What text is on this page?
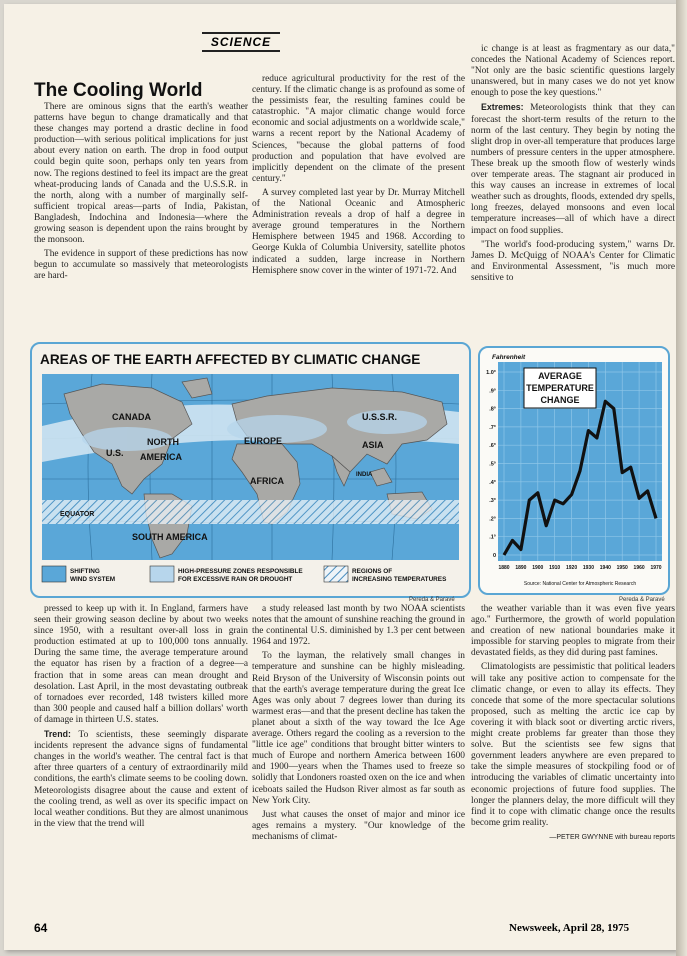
SCIENCE
The Cooling World

There are ominous signs that the earth's weather patterns have begun to change dramatically and that these changes may portend a drastic decline in food production—with serious political implications for just about every nation on earth. The drop in food output could begin quite soon, perhaps only ten years from now. The regions destined to feel its impact are the great wheat-producing lands of Canada and the U.S.S.R. in the north, along with a number of marginally self-sufficient tropical areas—parts of India, Pakistan, Bangladesh, Indochina and Indonesia—where the growing season is dependent upon the rains brought by the monsoon.

The evidence in support of these predictions has now begun to accumulate so massively that meteorologists are hard-

reduce agricultural productivity for the rest of the century. If the climatic change is as profound as some of the pessimists fear, the resulting famines could be catastrophic. "A major climatic change would force economic and social adjustments on a worldwide scale," warns a recent report by the National Academy of Sciences, "because the global patterns of food production and population that have evolved are implicitly dependent on the climate of the present century."

A survey completed last year by Dr. Murray Mitchell of the National Oceanic and Atmospheric Administration reveals a drop of half a degree in average ground temperatures in the Northern Hemisphere between 1945 and 1968. According to George Kukla of Columbia University, satellite photos indicated a sudden, large increase in Northern Hemisphere snow cover in the winter of 1971-72. And

ic change is at least as fragmentary as our data," concedes the National Academy of Sciences report. "Not only are the basic scientific questions largely unanswered, but in many cases we do not yet know enough to pose the key questions."

Extremes: Meteorologists think that they can forecast the short-term results of the return to the norm of the last century. They begin by noting the slight drop in over-all temperature that produces large numbers of pressure centers in the upper atmosphere. These break up the smooth flow of westerly winds over temperate areas. The stagnant air produced in this way causes an increase in extremes of local weather such as droughts, floods, extended dry spells, long freezes, delayed monsoons and even local temperature increases—all of which have a direct impact on food supplies.

"The world's food-producing system," warns Dr. James D. McQuigg of NOAA's Center for Climatic and Environmental Assessment, "is much more sensitive to

AREAS OF THE EARTH AFFECTED BY CLIMATIC CHANGE
CANADA
NORTH
U.S. AMERICA
EUROPE
U.S.S.R.
ASIA
AFRICA
INDIA
EQUATOR
SOUTH AMERICA
SHIFTING
WIND SYSTEM
HIGH-PRESSURE ZONES RESPONSIBLE
FOR EXCESSIVE RAIN OR DROUGHT
REGIONS OF
INCREASING TEMPERATURES
Pereda & Paravé
Fahrenheit
0
.1°
.2°
.3°
.4°
.5°
.6°
.7°
.8°
.9°
1.0°
1880 1890 1900 1910 1920 1930 1940 1950 1960 1970
AVERAGE
TEMPERATURE
CHANGE
Source: National Center for Atmospheric Research
Pereda & Paravé

pressed to keep up with it. In England, farmers have seen their growing season decline by about two weeks since 1950, with a resultant over-all loss in grain production estimated at up to 100,000 tons annually. During the same time, the average temperature around the equator has risen by a fraction of a degree—a fraction that in some areas can mean drought and desolation. Last April, in the most devastating outbreak of tornadoes ever recorded, 148 twisters killed more than 300 people and caused half a billion dollars' worth of damage in thirteen U.S. states.

Trend: To scientists, these seemingly disparate incidents represent the advance signs of fundamental changes in the world's weather. The central fact is that after three quarters of a century of extraordinarily mild conditions, the earth's climate seems to be cooling down. Meteorologists disagree about the cause and extent of the cooling trend, as well as over its specific impact on local weather conditions. But they are almost unanimous in the view that the trend will

a study released last month by two NOAA scientists notes that the amount of sunshine reaching the ground in the continental U.S. diminished by 1.3 per cent between 1964 and 1972.

To the layman, the relatively small changes in temperature and sunshine can be highly misleading. Reid Bryson of the University of Wisconsin points out that the earth's average temperature during the great Ice Ages was only about 7 degrees lower than during its warmest eras—and that the present decline has taken the planet about a sixth of the way toward the Ice Age average. Others regard the cooling as a reversion to the "little ice age" conditions that brought bitter winters to much of Europe and northern America between 1600 and 1900—years when the Thames used to freeze so solidly that Londoners roasted oxen on the ice and when iceboats sailed the Hudson River almost as far south as New York City.

Just what causes the onset of major and minor ice ages remains a mystery. "Our knowledge of the mechanisms of climat-

the weather variable than it was even five years ago." Furthermore, the growth of world population and creation of new national boundaries make it impossible for starving peoples to migrate from their devastated fields, as they did during past famines.

Climatologists are pessimistic that political leaders will take any positive action to compensate for the climatic change, or even to allay its effects. They concede that some of the more spectacular solutions proposed, such as melting the arctic ice cap by covering it with black soot or diverting arctic rivers, might create problems far greater than those they solve. But the scientists see few signs that government leaders anywhere are even prepared to take the simple measures of stockpiling food or of introducing the variables of climatic uncertainty into economic projections of future food supplies. The longer the planners delay, the more difficult will they find it to cope with climatic change once the results become grim reality.

—PETER GWYNNE with bureau reports
64	Newsweek, April 28, 1975
